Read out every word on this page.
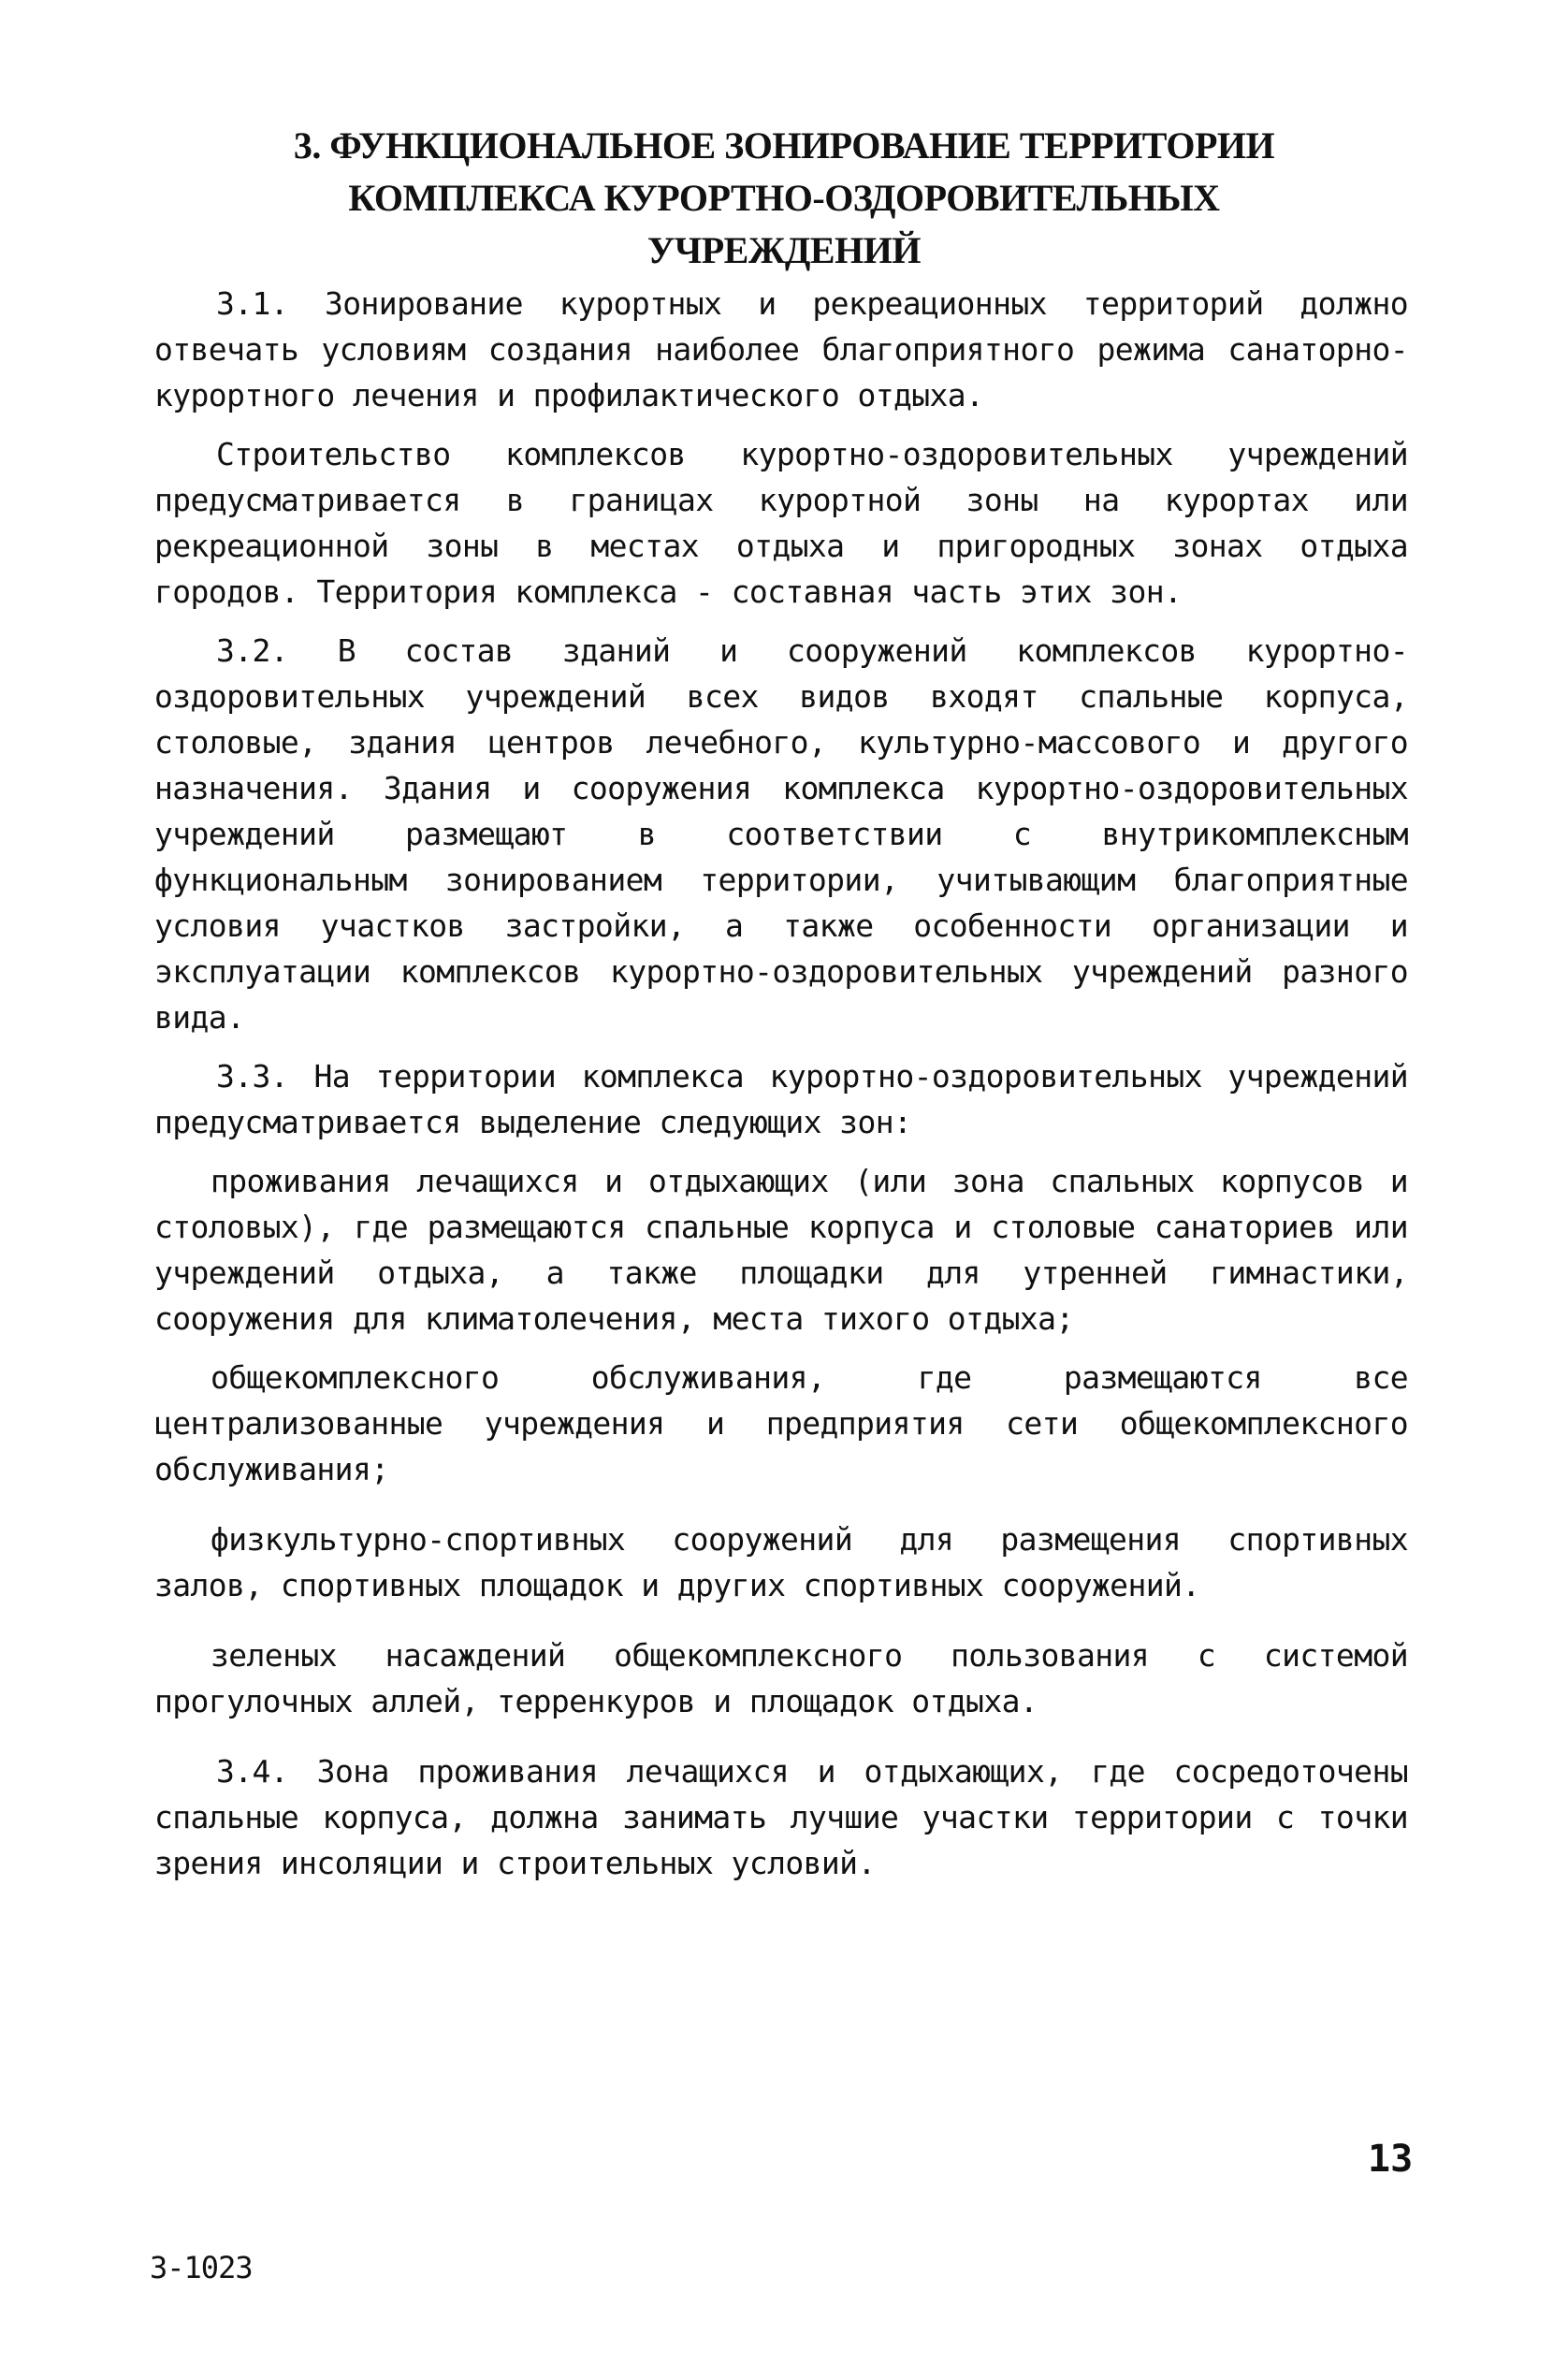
3. ФУНКЦИОНАЛЬНОЕ ЗОНИРОВАНИЕ ТЕРРИТОРИИ
КОМПЛЕКСА КУРОРТНО-ОЗДОРОВИТЕЛЬНЫХ
УЧРЕЖДЕНИЙ

3.1. Зонирование курортных и рекреационных территорий должно отвечать условиям создания наиболее благоприятного режима санаторно-курортного лечения и профилактического отдыха.

Строительство комплексов курортно-оздоровительных учреждений предусматривается в границах курортной зоны на курортах или рекреационной зоны в местах отдыха и пригородных зонах отдыха городов. Территория комплекса - составная часть этих зон.

3.2. В состав зданий и сооружений комплексов курортно-оздоровительных учреждений всех видов входят спальные корпуса, столовые, здания центров лечебного, культурно-массового и другого назначения. Здания и сооружения комплекса курортно-оздоровительных учреждений размещают в соответствии с внутрикомплексным функциональным зонированием территории, учитывающим благоприятные условия участков застройки, а также особенности организации и эксплуатации комплексов курортно-оздоровительных учреждений разного вида.

3.3. На территории комплекса курортно-оздоровительных учреждений предусматривается выделение следующих зон:

проживания лечащихся и отдыхающих (или зона спальных корпусов и столовых), где размещаются спальные корпуса и столовые санаториев или учреждений отдыха, а также площадки для утренней гимнастики, сооружения для климатолечения, места тихого отдыха;

общекомплексного обслуживания, где размещаются все централизованные учреждения и предприятия сети общекомплексного обслуживания;

физкультурно-спортивных сооружений для размещения спортивных залов, спортивных площадок и других спортивных сооружений.

зеленых насаждений общекомплексного пользования с системой прогулочных аллей, терренкуров и площадок отдыха.

3.4. Зона проживания лечащихся и отдыхающих, где сосредоточены спальные корпуса, должна занимать лучшие участки территории с точки зрения инсоляции и строительных условий.

13
3-1023
